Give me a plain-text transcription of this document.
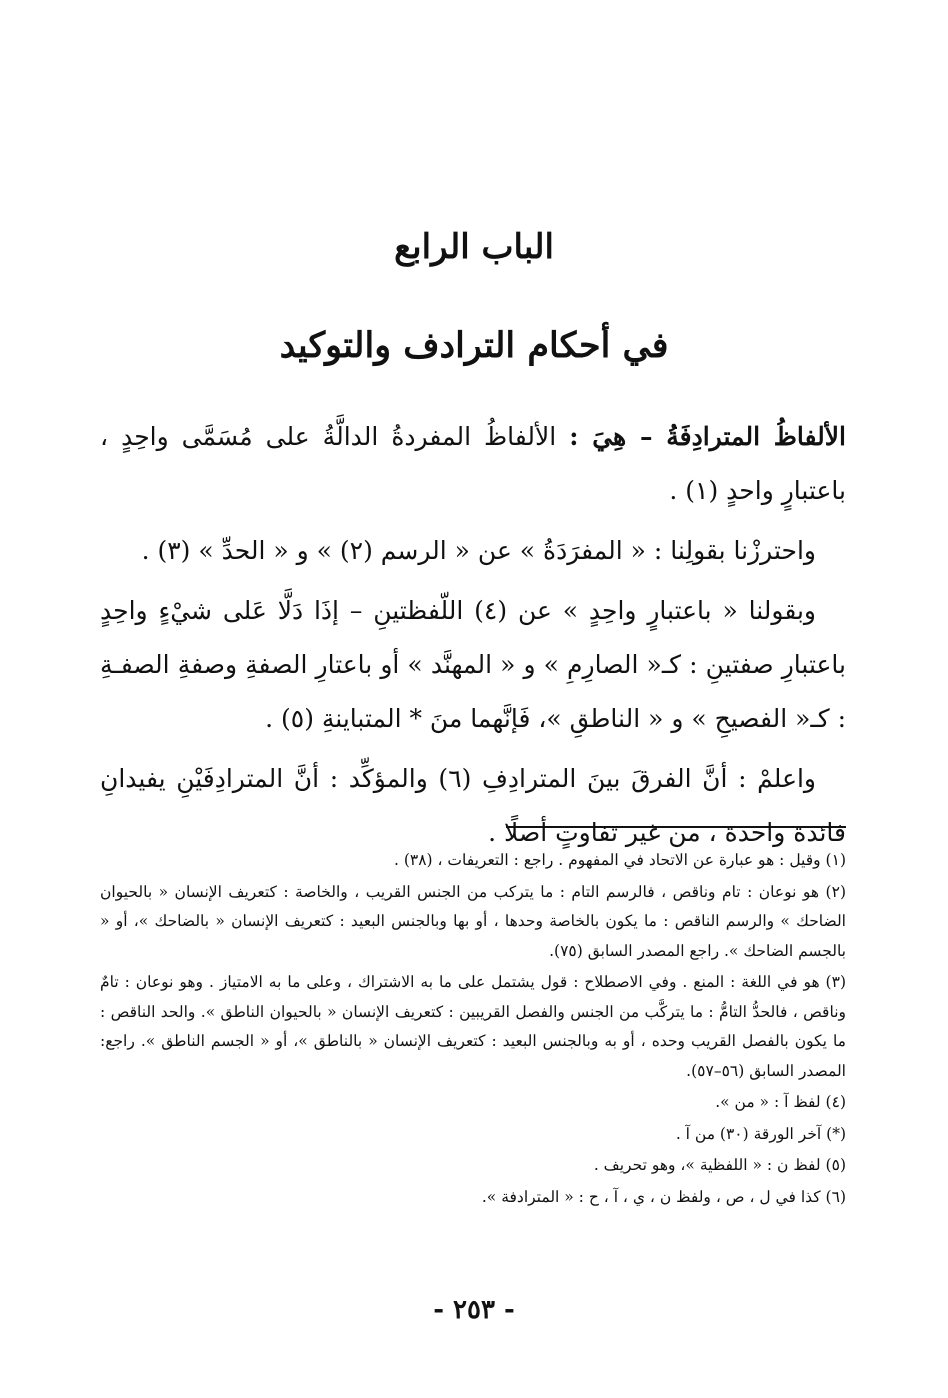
الباب الرابع
في أحكام الترادف والتوكيد

الألفاظُ المترادِفَةُ – هِيَ : الألفاظُ المفردةُ الدالَّةُ على مُسَمَّى واحِدٍ ، باعتبارٍ واحدٍ (١) .

واحترزْنا بقولِنا : « المفرَدَةُ » عن « الرسم (٢) » و « الحدِّ » (٣) .

وبقولنا « باعتبارٍ واحِدٍ » عن (٤) اللّفظتينِ – إذَا دَلَّا عَلى شيْءٍ واحِدٍ باعتبارِ صفتينِ : كـ« الصارِمِ » و « المهنَّد » أو باعتارِ الصفةِ وصفةِ الصفـةِ : كـ« الفصيحِ » و « الناطقِ »، فَإنَّهما منَ * المتباينةِ (٥) .

واعلمْ : أنَّ الفرقَ بينَ المترادِفِ (٦) والمؤكِّد : أنَّ المترادِفَيْنِ يفيدانِ فائدة واحدة ، من غير تفاوتٍ أصلًا .

(١) وقيل : هو عبارة عن الاتحاد في المفهوم . راجع : التعريفات ، (٣٨) .

(٢) هو نوعان : تام وناقص ، فالرسم التام : ما يتركب من الجنس القريب ، والخاصة : كتعريف الإنسان « بالحيوان الضاحك » والرسم الناقص : ما يكون بالخاصة وحدها ، أو بها وبالجنس البعيد : كتعريف الإنسان « بالضاحك »، أو « بالجسم الضاحك ». راجع المصدر السابق (٧٥).

(٣) هو في اللغة : المنع . وفي الاصطلاح : قول يشتمل على ما به الاشتراك ، وعلى ما به الامتياز . وهو نوعان : تامٌ وناقص ، فالحدُّ التامُّ : ما يتركَّب من الجنس والفصل القريبين : كتعريف الإنسان « بالحيوان الناطق ». والحد الناقص : ما يكون بالفصل القريب وحده ، أو به وبالجنس البعيد : كتعريف الإنسان « بالناطق »، أو « الجسم الناطق ». راجع: المصدر السابق (٥٦–٥٧).

(٤) لفظ آ : « من ».

(*) آخر الورقة (٣٠) من آ .

(٥) لفظ ن : « اللفظية »، وهو تحريف .

(٦) كذا في ل ، ص ، ولفظ ن ، ي ، آ ، ح : « المترادفة ».

- ٢٥٣ -
